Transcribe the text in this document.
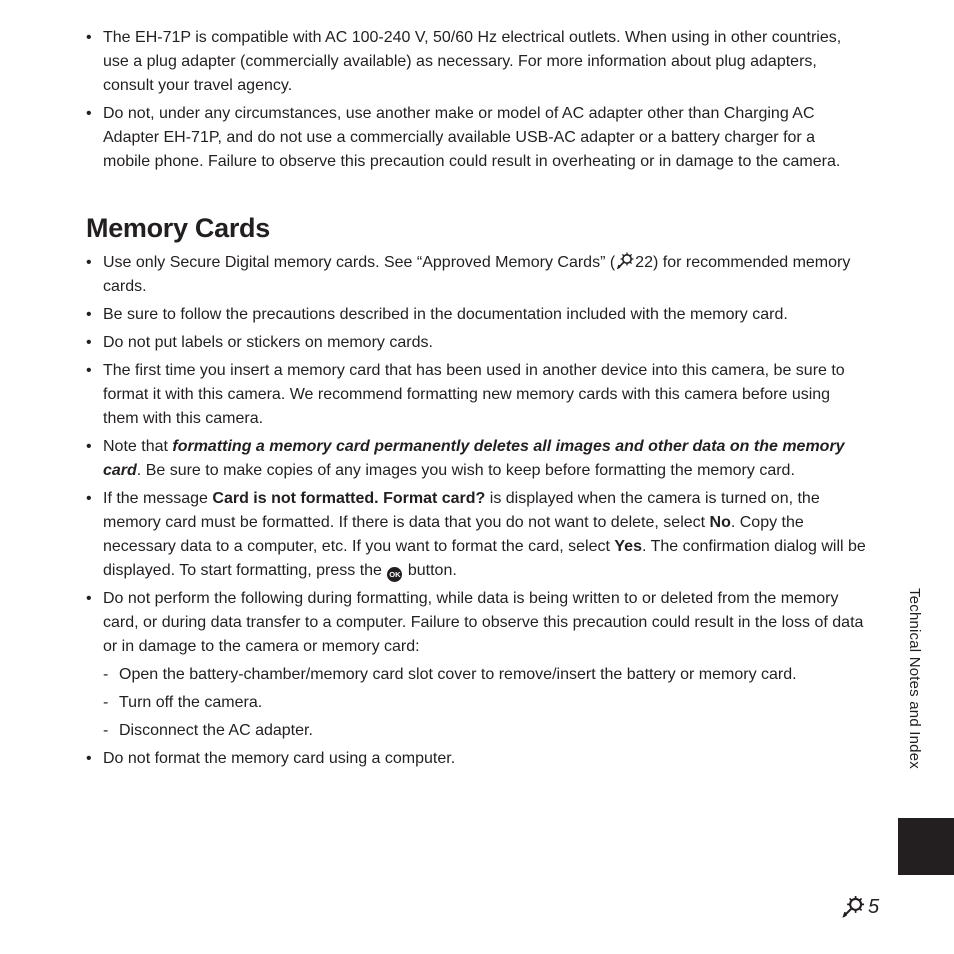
• The EH-71P is compatible with AC 100-240 V, 50/60 Hz electrical outlets. When using in other countries, use a plug adapter (commercially available) as necessary. For more information about plug adapters, consult your travel agency.
• Do not, under any circumstances, use another make or model of AC adapter other than Charging AC Adapter EH-71P, and do not use a commercially available USB-AC adapter or a battery charger for a mobile phone. Failure to observe this precaution could result in overheating or in damage to the camera.
Memory Cards
• Use only Secure Digital memory cards. See “Approved Memory Cards” ( 22) for recommended memory cards.
• Be sure to follow the precautions described in the documentation included with the memory card.
• Do not put labels or stickers on memory cards.
• The first time you insert a memory card that has been used in another device into this camera, be sure to format it with this camera. We recommend formatting new memory cards with this camera before using them with this camera.
• Note that formatting a memory card permanently deletes all images and other data on the memory card. Be sure to make copies of any images you wish to keep before formatting the memory card.
• If the message Card is not formatted. Format card? is displayed when the camera is turned on, the memory card must be formatted. If there is data that you do not want to delete, select No. Copy the necessary data to a computer, etc. If you want to format the card, select Yes. The confirmation dialog will be displayed. To start formatting, press the OK button.
• Do not perform the following during formatting, while data is being written to or deleted from the memory card, or during data transfer to a computer. Failure to observe this precaution could result in the loss of data or in damage to the camera or memory card:
- Open the battery-chamber/memory card slot cover to remove/insert the battery or memory card.
- Turn off the camera.
- Disconnect the AC adapter.
• Do not format the memory card using a computer.	Technical Notes and Index
5
